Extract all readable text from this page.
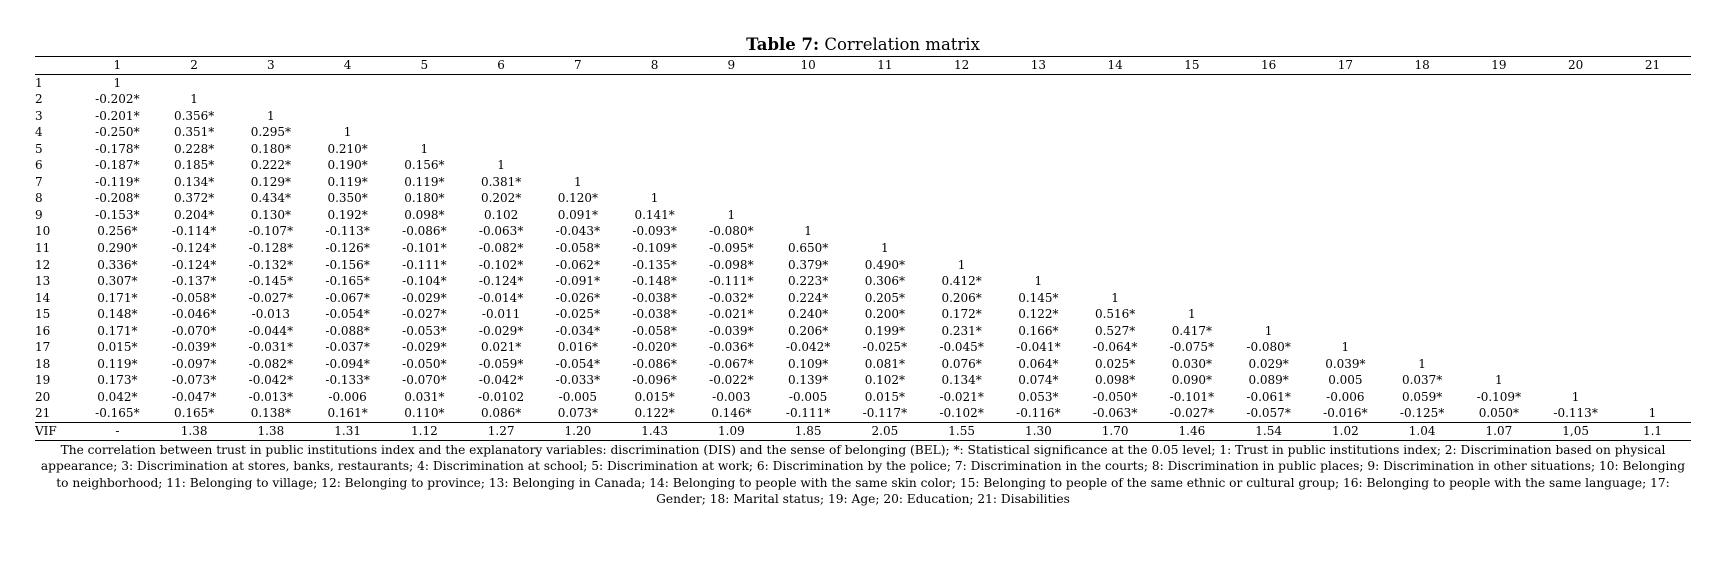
Table 7: Correlation matrix
	1	2	3	4	5	6	7	8	9	10	11	12	13	14	15	16	17	18	19	20	21
1	1																				
2	-0.202*	1																			
3	-0.201*	0.356*	1																		
4	-0.250*	0.351*	0.295*	1																	
5	-0.178*	0.228*	0.180*	0.210*	1																
6	-0.187*	0.185*	0.222*	0.190*	0.156*	1															
7	-0.119*	0.134*	0.129*	0.119*	0.119*	0.381*	1														
8	-0.208*	0.372*	0.434*	0.350*	0.180*	0.202*	0.120*	1													
9	-0.153*	0.204*	0.130*	0.192*	0.098*	0.102	0.091*	0.141*	1												
10	0.256*	-0.114*	-0.107*	-0.113*	-0.086*	-0.063*	-0.043*	-0.093*	-0.080*	1											
11	0.290*	-0.124*	-0.128*	-0.126*	-0.101*	-0.082*	-0.058*	-0.109*	-0.095*	0.650*	1										
12	0.336*	-0.124*	-0.132*	-0.156*	-0.111*	-0.102*	-0.062*	-0.135*	-0.098*	0.379*	0.490*	1									
13	0.307*	-0.137*	-0.145*	-0.165*	-0.104*	-0.124*	-0.091*	-0.148*	-0.111*	0.223*	0.306*	0.412*	1								
14	0.171*	-0.058*	-0.027*	-0.067*	-0.029*	-0.014*	-0.026*	-0.038*	-0.032*	0.224*	0.205*	0.206*	0.145*	1							
15	0.148*	-0.046*	-0.013	-0.054*	-0.027*	-0.011	-0.025*	-0.038*	-0.021*	0.240*	0.200*	0.172*	0.122*	0.516*	1						
16	0.171*	-0.070*	-0.044*	-0.088*	-0.053*	-0.029*	-0.034*	-0.058*	-0.039*	0.206*	0.199*	0.231*	0.166*	0.527*	0.417*	1					
17	0.015*	-0.039*	-0.031*	-0.037*	-0.029*	0.021*	0.016*	-0.020*	-0.036*	-0.042*	-0.025*	-0.045*	-0.041*	-0.064*	-0.075*	-0.080*	1				
18	0.119*	-0.097*	-0.082*	-0.094*	-0.050*	-0.059*	-0.054*	-0.086*	-0.067*	0.109*	0.081*	0.076*	0.064*	0.025*	0.030*	0.029*	0.039*	1			
19	0.173*	-0.073*	-0.042*	-0.133*	-0.070*	-0.042*	-0.033*	-0.096*	-0.022*	0.139*	0.102*	0.134*	0.074*	0.098*	0.090*	0.089*	0.005	0.037*	1		
20	0.042*	-0.047*	-0.013*	-0.006	0.031*	-0.0102	-0.005	0.015*	-0.003	-0.005	0.015*	-0.021*	0.053*	-0.050*	-0.101*	-0.061*	-0.006	0.059*	-0.109*	1	
21	-0.165*	0.165*	0.138*	0.161*	0.110*	0.086*	0.073*	0.122*	0.146*	-0.111*	-0.117*	-0.102*	-0.116*	-0.063*	-0.027*	-0.057*	-0.016*	-0.125*	0.050*	-0.113*	1
VIF	-	1.38	1.38	1.31	1.12	1.27	1.20	1.43	1.09	1.85	2.05	1.55	1.30	1.70	1.46	1.54	1.02	1.04	1.07	1,05	1.1
The correlation between trust in public institutions index and the explanatory variables: discrimination (DIS) and the sense of belonging (BEL); *: Statistical significance at the 0.05 level; 1: Trust in public institutions index; 2: Discrimination based on physical appearance; 3: Discrimination at stores, banks, restaurants; 4: Discrimination at school; 5: Discrimination at work; 6: Discrimination by the police; 7: Discrimination in the courts; 8: Discrimination in public places; 9: Discrimination in other situations; 10: Belonging to neighborhood; 11: Belonging to village; 12: Belonging to province; 13: Belonging in Canada; 14: Belonging to people with the same skin color; 15: Belonging to people of the same ethnic or cultural group; 16: Belonging to people with the same language; 17: Gender; 18: Marital status; 19: Age; 20: Education; 21: Disabilities
